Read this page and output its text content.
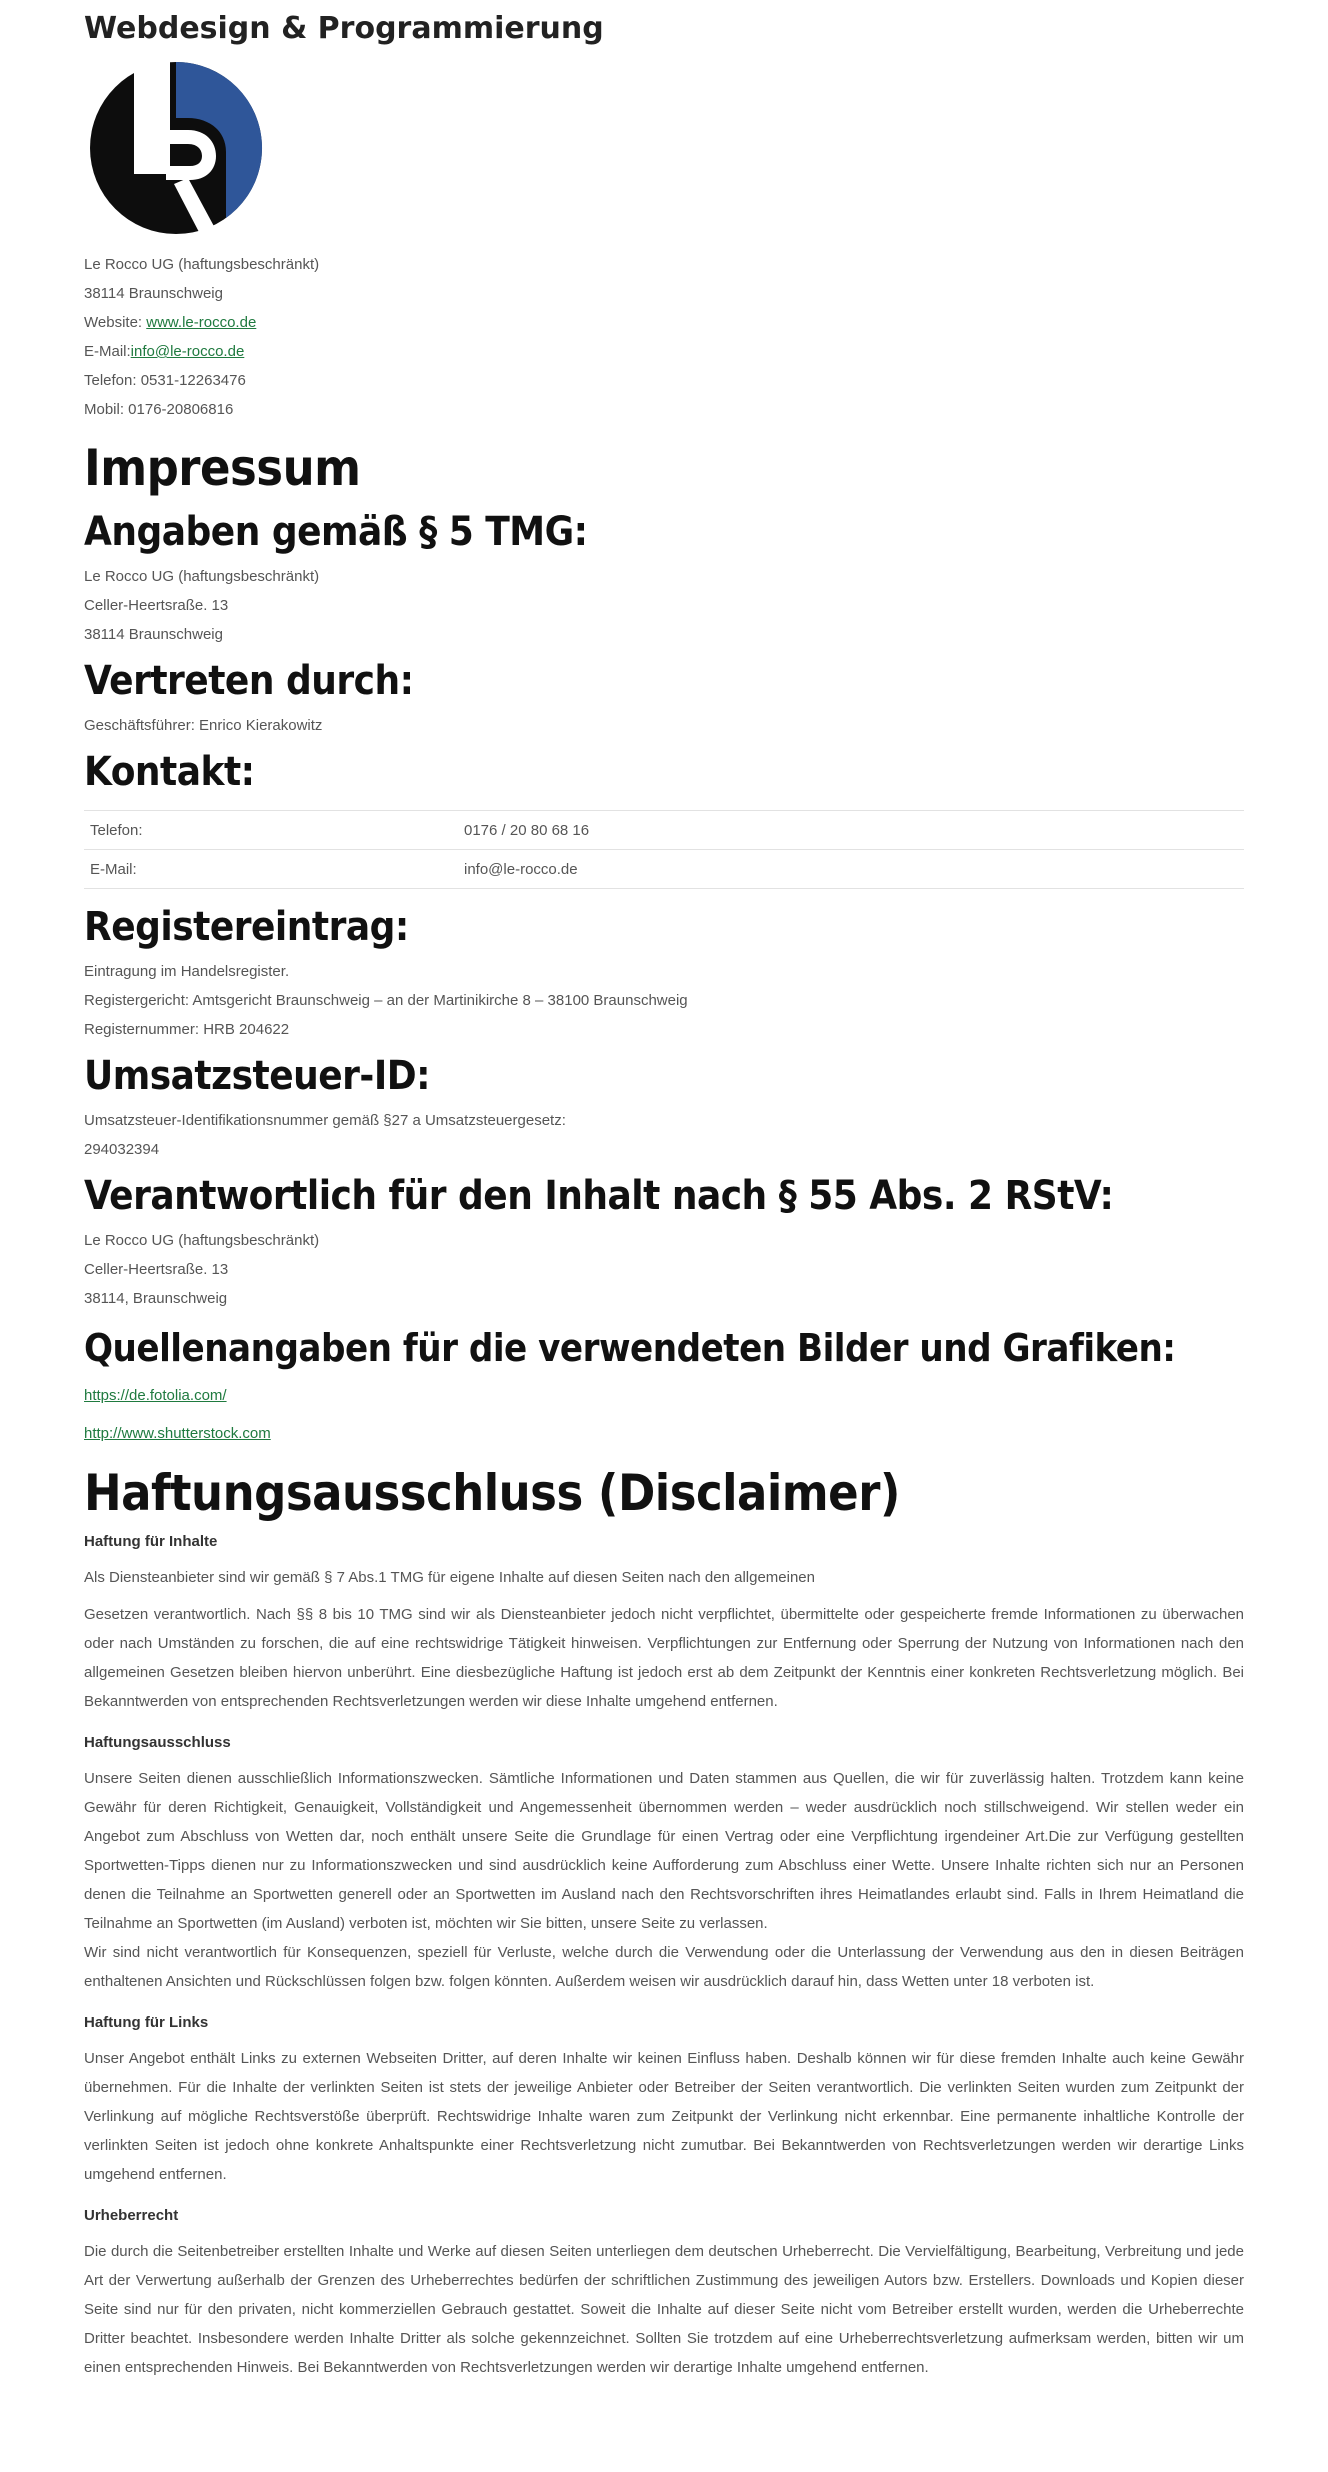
Webdesign & Programmierung

Le Rocco UG (haftungsbeschränkt)

38114 Braunschweig

Website: www.le-rocco.de

E-Mail:info@le-rocco.de

Telefon: 0531-12263476

Mobil: 0176-20806816

Impressum
Angaben gemäß § 5 TMG:

Le Rocco UG (haftungsbeschränkt)

Celler-Heertsraße. 13

38114 Braunschweig

Vertreten durch:

Geschäftsführer: Enrico Kierakowitz

Kontakt:
Telefon:	0176 / 20 80 68 16
E-Mail:	info@le-rocco.de
Registereintrag:

Eintragung im Handelsregister.

Registergericht: Amtsgericht Braunschweig – an der Martinikirche 8 – 38100 Braunschweig

Registernummer: HRB 204622

Umsatzsteuer-ID:

Umsatzsteuer-Identifikationsnummer gemäß §27 a Umsatzsteuergesetz:

294032394

Verantwortlich für den Inhalt nach § 55 Abs. 2 RStV:

Le Rocco UG (haftungsbeschränkt)

Celler-Heertsraße. 13

38114, Braunschweig

Quellenangaben für die verwendeten Bilder und Grafiken:

https://de.fotolia.com/

http://www.shutterstock.com

Haftungsausschluss (Disclaimer)
Haftung für Inhalte

Als Diensteanbieter sind wir gemäß § 7 Abs.1 TMG für eigene Inhalte auf diesen Seiten nach den allgemeinen

Gesetzen verantwortlich. Nach §§ 8 bis 10 TMG sind wir als Diensteanbieter jedoch nicht verpflichtet, übermittelte oder gespeicherte fremde Informationen zu überwachen oder nach Umständen zu forschen, die auf eine rechtswidrige Tätigkeit hinweisen. Verpflichtungen zur Entfernung oder Sperrung der Nutzung von Informationen nach den allgemeinen Gesetzen bleiben hiervon unberührt. Eine diesbezügliche Haftung ist jedoch erst ab dem Zeitpunkt der Kenntnis einer konkreten Rechtsverletzung möglich. Bei Bekanntwerden von entsprechenden Rechtsverletzungen werden wir diese Inhalte umgehend entfernen.

Haftungsausschluss

Unsere Seiten dienen ausschließlich Informationszwecken. Sämtliche Informationen und Daten stammen aus Quellen, die wir für zuverlässig halten. Trotzdem kann keine Gewähr für deren Richtigkeit, Genauigkeit, Vollständigkeit und Angemessenheit übernommen werden – weder ausdrücklich noch stillschweigend. Wir stellen weder ein Angebot zum Abschluss von Wetten dar, noch enthält unsere Seite die Grundlage für einen Vertrag oder eine Verpflichtung irgendeiner Art.Die zur Verfügung gestellten Sportwetten-Tipps dienen nur zu Informationszwecken und sind ausdrücklich keine Aufforderung zum Abschluss einer Wette. Unsere Inhalte richten sich nur an Personen denen die Teilnahme an Sportwetten generell oder an Sportwetten im Ausland nach den Rechtsvorschriften ihres Heimatlandes erlaubt sind. Falls in Ihrem Heimatland die Teilnahme an Sportwetten (im Ausland) verboten ist, möchten wir Sie bitten, unsere Seite zu verlassen.

Wir sind nicht verantwortlich für Konsequenzen, speziell für Verluste, welche durch die Verwendung oder die Unterlassung der Verwendung aus den in diesen Beiträgen enthaltenen Ansichten und Rückschlüssen folgen bzw. folgen könnten. Außerdem weisen wir ausdrücklich darauf hin, dass Wetten unter 18 verboten ist.

Haftung für Links

Unser Angebot enthält Links zu externen Webseiten Dritter, auf deren Inhalte wir keinen Einfluss haben. Deshalb können wir für diese fremden Inhalte auch keine Gewähr übernehmen. Für die Inhalte der verlinkten Seiten ist stets der jeweilige Anbieter oder Betreiber der Seiten verantwortlich. Die verlinkten Seiten wurden zum Zeitpunkt der Verlinkung auf mögliche Rechtsverstöße überprüft. Rechtswidrige Inhalte waren zum Zeitpunkt der Verlinkung nicht erkennbar. Eine permanente inhaltliche Kontrolle der verlinkten Seiten ist jedoch ohne konkrete Anhaltspunkte einer Rechtsverletzung nicht zumutbar. Bei Bekanntwerden von Rechtsverletzungen werden wir derartige Links umgehend entfernen.

Urheberrecht

Die durch die Seitenbetreiber erstellten Inhalte und Werke auf diesen Seiten unterliegen dem deutschen Urheberrecht. Die Vervielfältigung, Bearbeitung, Verbreitung und jede Art der Verwertung außerhalb der Grenzen des Urheberrechtes bedürfen der schriftlichen Zustimmung des jeweiligen Autors bzw. Erstellers. Downloads und Kopien dieser Seite sind nur für den privaten, nicht kommerziellen Gebrauch gestattet. Soweit die Inhalte auf dieser Seite nicht vom Betreiber erstellt wurden, werden die Urheberrechte Dritter beachtet. Insbesondere werden Inhalte Dritter als solche gekennzeichnet. Sollten Sie trotzdem auf eine Urheberrechtsverletzung aufmerksam werden, bitten wir um einen entsprechenden Hinweis. Bei Bekanntwerden von Rechtsverletzungen werden wir derartige Inhalte umgehend entfernen.
